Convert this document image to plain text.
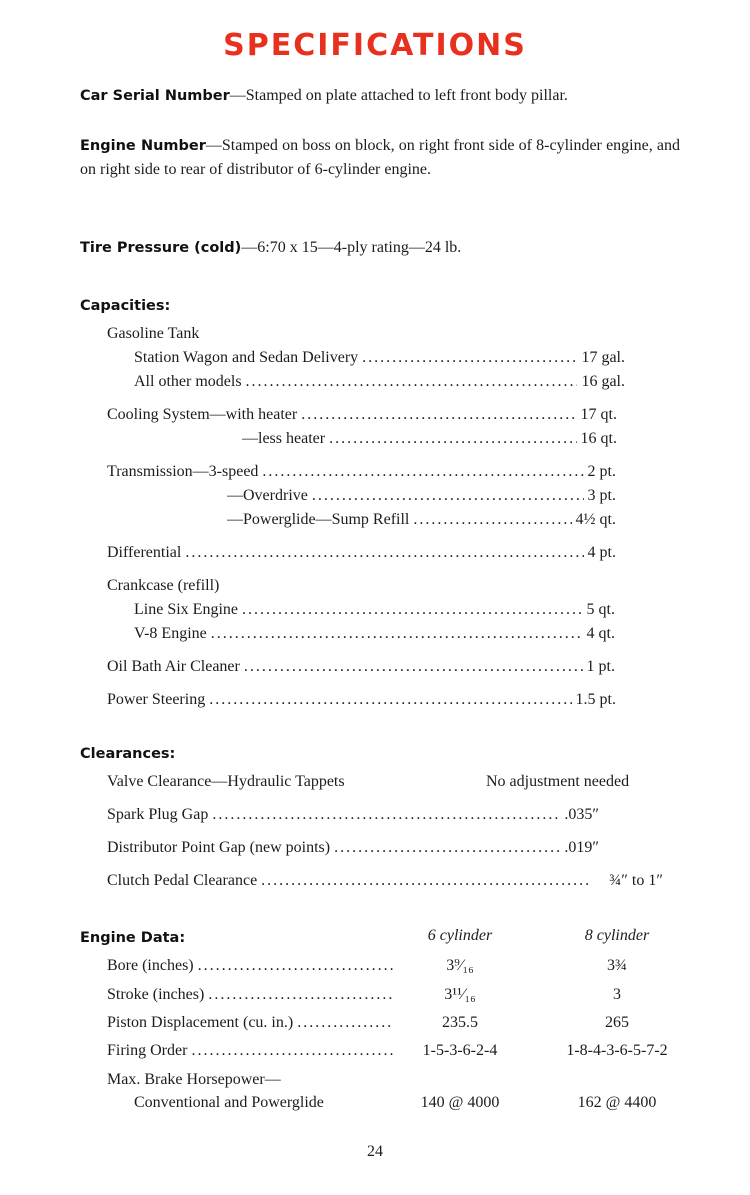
SPECIFICATIONS
Car Serial Number—Stamped on plate attached to left front body pillar.
Engine Number—Stamped on boss on block, on right front side of 8-cylinder engine, and on right side to rear of distributor of 6-cylinder engine.
Tire Pressure (cold)—6:70 x 15—4-ply rating—24 lb.
Capacities:
Gasoline Tank
Station Wagon and Sedan Delivery .....	17 gal.
All other models .....	16 gal.
Cooling System—with heater .....	17 qt.
—less heater .....	16 qt.
Transmission—3-speed .....	2 pt.
—Overdrive .....	3 pt.
—Powerglide—Sump Refill .....	4½ qt.
Differential .....	4 pt.
Crankcase (refill)
Line Six Engine .....	5 qt.
V-8 Engine .....	4 qt.
Oil Bath Air Cleaner .....	1 pt.
Power Steering .....	1.5 pt.
Clearances:
Valve Clearance—Hydraulic Tappets	No adjustment needed
Spark Plug Gap .....	.035″
Distributor Point Gap (new points) .....	.019″
Clutch Pedal Clearance .....	¾″ to 1″
Engine Data:	6 cylinder	8 cylinder
Bore (inches) .....	3⁹⁄₁₆	3¾
Stroke (inches) .....	3¹¹⁄₁₆	3
Piston Displacement (cu. in.) .....	235.5	265
Firing Order .....	1-5-3-6-2-4	1-8-4-3-6-5-7-2
Max. Brake Horsepower—
Conventional and Powerglide	140 @ 4000	162 @ 4400
24
